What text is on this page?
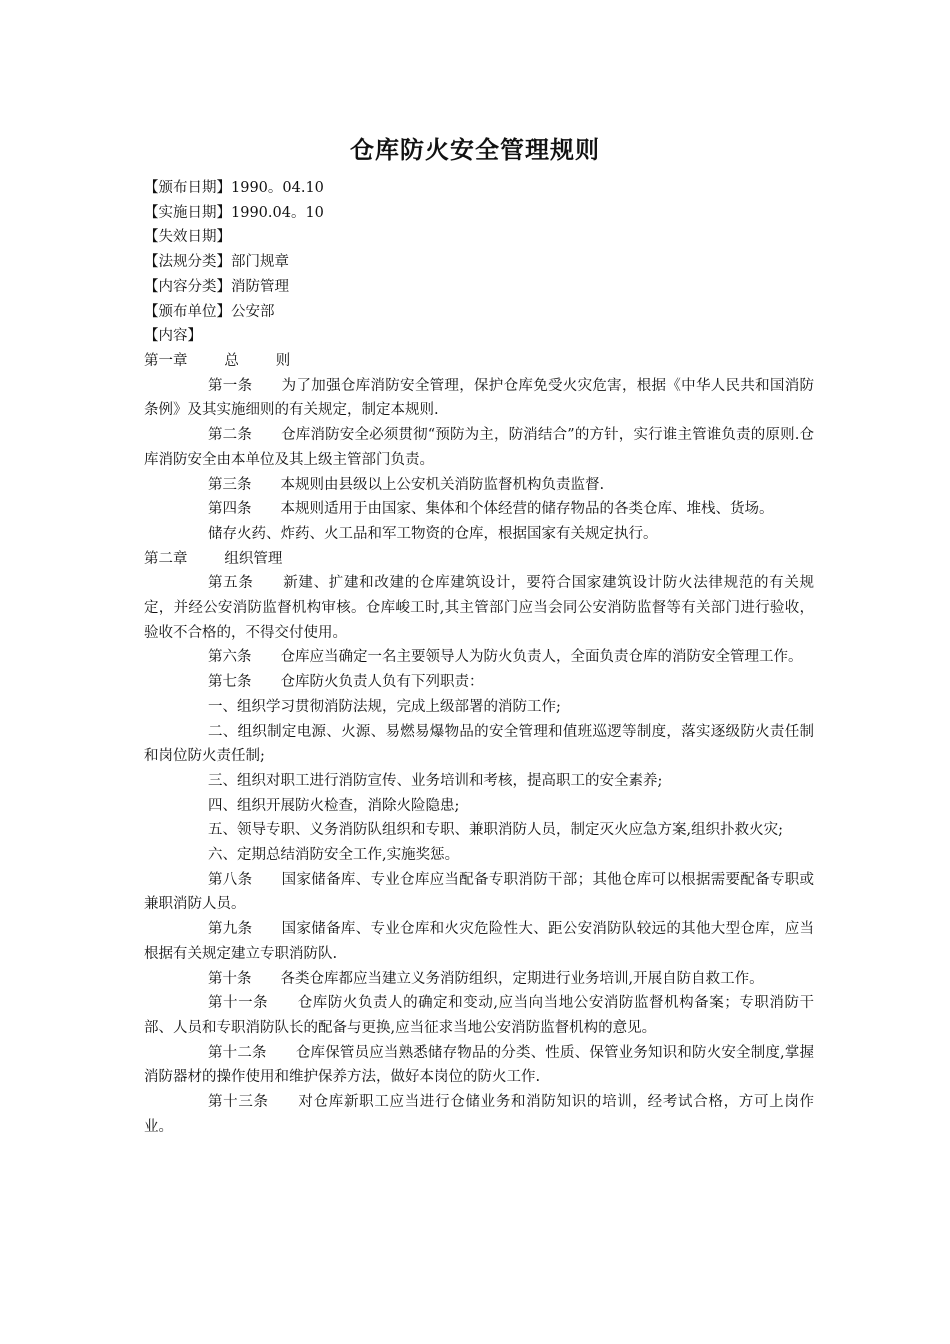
仓库防火安全管理规则
【颁布日期】1990。04.10
【实施日期】1990.04。10
【失效日期】
【法规分类】部门规章
【内容分类】消防管理
【颁布单位】公安部
【内容】
第一章        总        则
第一条   为了加强仓库消防安全管理，保护仓库免受火灾危害，根据《中华人民共和国消防条例》及其实施细则的有关规定，制定本规则.
第二条   仓库消防安全必须贯彻“预防为主，防消结合”的方针，实行谁主管谁负责的原则.仓库消防安全由本单位及其上级主管部门负责。
第三条   本规则由县级以上公安机关消防监督机构负责监督.
第四条   本规则适用于由国家、集体和个体经营的储存物品的各类仓库、堆栈、货场。
储存火药、炸药、火工品和军工物资的仓库，根据国家有关规定执行。
第二章        组织管理
第五条   新建、扩建和改建的仓库建筑设计，要符合国家建筑设计防火法律规范的有关规定，并经公安消防监督机构审核。仓库峻工时,其主管部门应当会同公安消防监督等有关部门进行验收，验收不合格的，不得交付使用。
第六条   仓库应当确定一名主要领导人为防火负责人，全面负责仓库的消防安全管理工作。
第七条   仓库防火负责人负有下列职责：
一、组织学习贯彻消防法规，完成上级部署的消防工作;
二、组织制定电源、火源、易燃易爆物品的安全管理和值班巡逻等制度，落实逐级防火责任制和岗位防火责任制;
三、组织对职工进行消防宣传、业务培训和考核，提高职工的安全素养;
四、组织开展防火检查，消除火险隐患;
五、领导专职、义务消防队组织和专职、兼职消防人员，制定灭火应急方案,组织扑救火灾;
六、定期总结消防安全工作,实施奖惩。
第八条   国家储备库、专业仓库应当配备专职消防干部；其他仓库可以根据需要配备专职或兼职消防人员。
第九条   国家储备库、专业仓库和火灾危险性大、距公安消防队较远的其他大型仓库，应当根据有关规定建立专职消防队.
第十条   各类仓库都应当建立义务消防组织，定期进行业务培训,开展自防自救工作。
第十一条   仓库防火负责人的确定和变动,应当向当地公安消防监督机构备案；专职消防干部、人员和专职消防队长的配备与更换,应当征求当地公安消防监督机构的意见。
第十二条   仓库保管员应当熟悉储存物品的分类、性质、保管业务知识和防火安全制度,掌握消防器材的操作使用和维护保养方法，做好本岗位的防火工作.
第十三条   对仓库新职工应当进行仓储业务和消防知识的培训，经考试合格，方可上岗作业。
